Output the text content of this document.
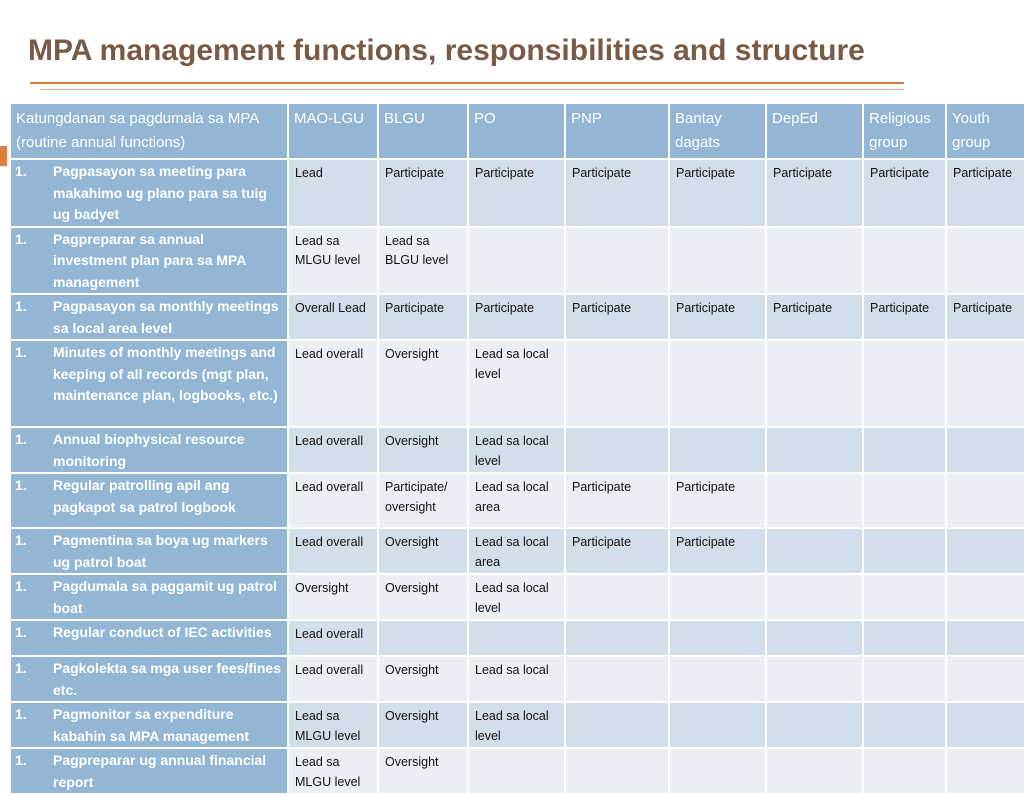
MPA management functions, responsibilities and structure
Katungdanan sa pagdumala sa MPA (routine annual functions)	MAO-LGU	BLGU	PO	PNP	Bantay dagats	DepEd	Religious group	Youth group
1. Pagpasayon sa meeting para makahimo ug plano para sa tuig ug badyet	Lead	Participate	Participate	Participate	Participate	Participate	Participate	Participate
1. Pagpreparar sa annual investment plan para sa MPA management	Lead sa MLGU level	Lead sa BLGU level						
1. Pagpasayon sa monthly meetings sa local area level	Overall Lead	Participate	Participate	Participate	Participate	Participate	Participate	Participate
1. Minutes of monthly meetings and keeping of all records (mgt plan, maintenance plan, logbooks, etc.)	Lead overall	Oversight	Lead sa local level					
1. Annual biophysical resource monitoring	Lead overall	Oversight	Lead sa local level					
1. Regular patrolling apil ang pagkapot sa patrol logbook	Lead overall	Participate/ oversight	Lead sa local area	Participate	Participate			
1. Pagmentina sa boya ug markers ug patrol boat	Lead overall	Oversight	Lead sa local area	Participate	Participate			
1. Pagdumala sa paggamit ug patrol boat	Oversight	Oversight	Lead sa local level					
1. Regular conduct of IEC activities	Lead overall							
1. Pagkolekta sa mga user fees/fines etc.	Lead overall	Oversight	Lead sa local					
1. Pagmonitor sa expenditure kabahin sa MPA management	Lead sa MLGU level	Oversight	Lead sa local level					
1. Pagpreparar ug annual financial report	Lead sa MLGU level	Oversight						
